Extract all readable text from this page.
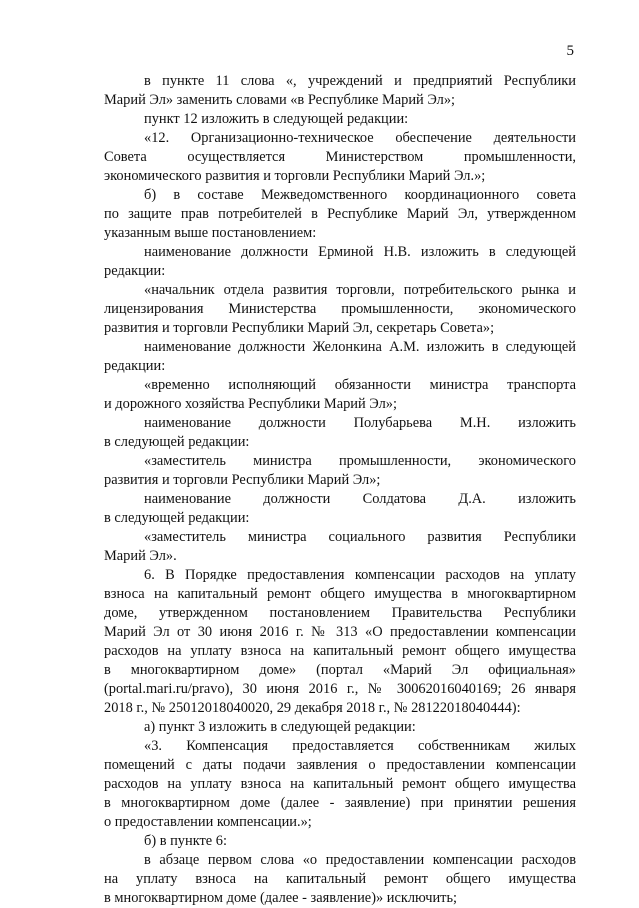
5
в пункте 11 слова «, учреждений и предприятий Республики
Марий Эл» заменить словами «в Республике Марий Эл»;
пункт 12 изложить в следующей редакции:
«12. Организационно-техническое обеспечение деятельности
Совета осуществляется Министерством промышленности,
экономического развития и торговли Республики Марий Эл.»;
б) в составе Межведомственного координационного совета
по защите прав потребителей в Республике Марий Эл, утвержденном
указанным выше постановлением:
наименование должности Ерминой Н.В. изложить в следующей
редакции:
«начальник отдела развития торговли, потребительского рынка и
лицензирования Министерства промышленности, экономического
развития и торговли Республики Марий Эл, секретарь Совета»;
наименование должности Желонкина А.М. изложить в следующей
редакции:
«временно исполняющий обязанности министра транспорта
и дорожного хозяйства Республики Марий Эл»;
наименование должности Полубарьева М.Н. изложить
в следующей редакции:
«заместитель министра промышленности, экономического
развития и торговли Республики Марий Эл»;
наименование должности Солдатова Д.А. изложить
в следующей редакции:
«заместитель министра социального развития Республики
Марий Эл».
6. В Порядке предоставления компенсации расходов на уплату
взноса на капитальный ремонт общего имущества в многоквартирном
доме, утвержденном постановлением Правительства Республики
Марий Эл от 30 июня 2016 г. № 313 «О предоставлении компенсации
расходов на уплату взноса на капитальный ремонт общего имущества
в многоквартирном доме» (портал «Марий Эл официальная»
(portal.mari.ru/pravo), 30 июня 2016 г., № 30062016040169; 26 января
2018 г., № 25012018040020, 29 декабря 2018 г., № 28122018040444):
а) пункт 3 изложить в следующей редакции:
«3. Компенсация предоставляется собственникам жилых
помещений с даты подачи заявления о предоставлении компенсации
расходов на уплату взноса на капитальный ремонт общего имущества
в многоквартирном доме (далее - заявление) при принятии решения
о предоставлении компенсации.»;
б) в пункте 6:
в абзаце первом слова «о предоставлении компенсации расходов
на уплату взноса на капитальный ремонт общего имущества
в многоквартирном доме (далее - заявление)» исключить;
